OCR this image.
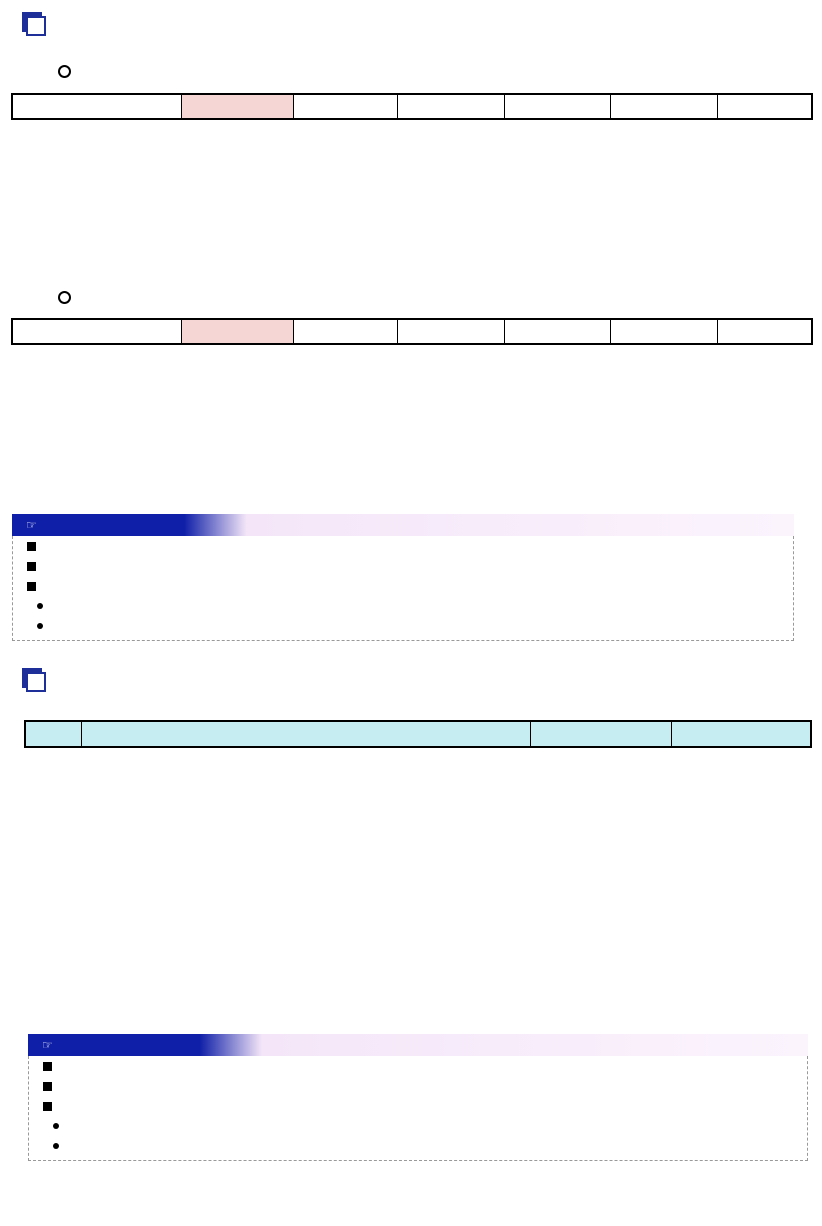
☞

☞
